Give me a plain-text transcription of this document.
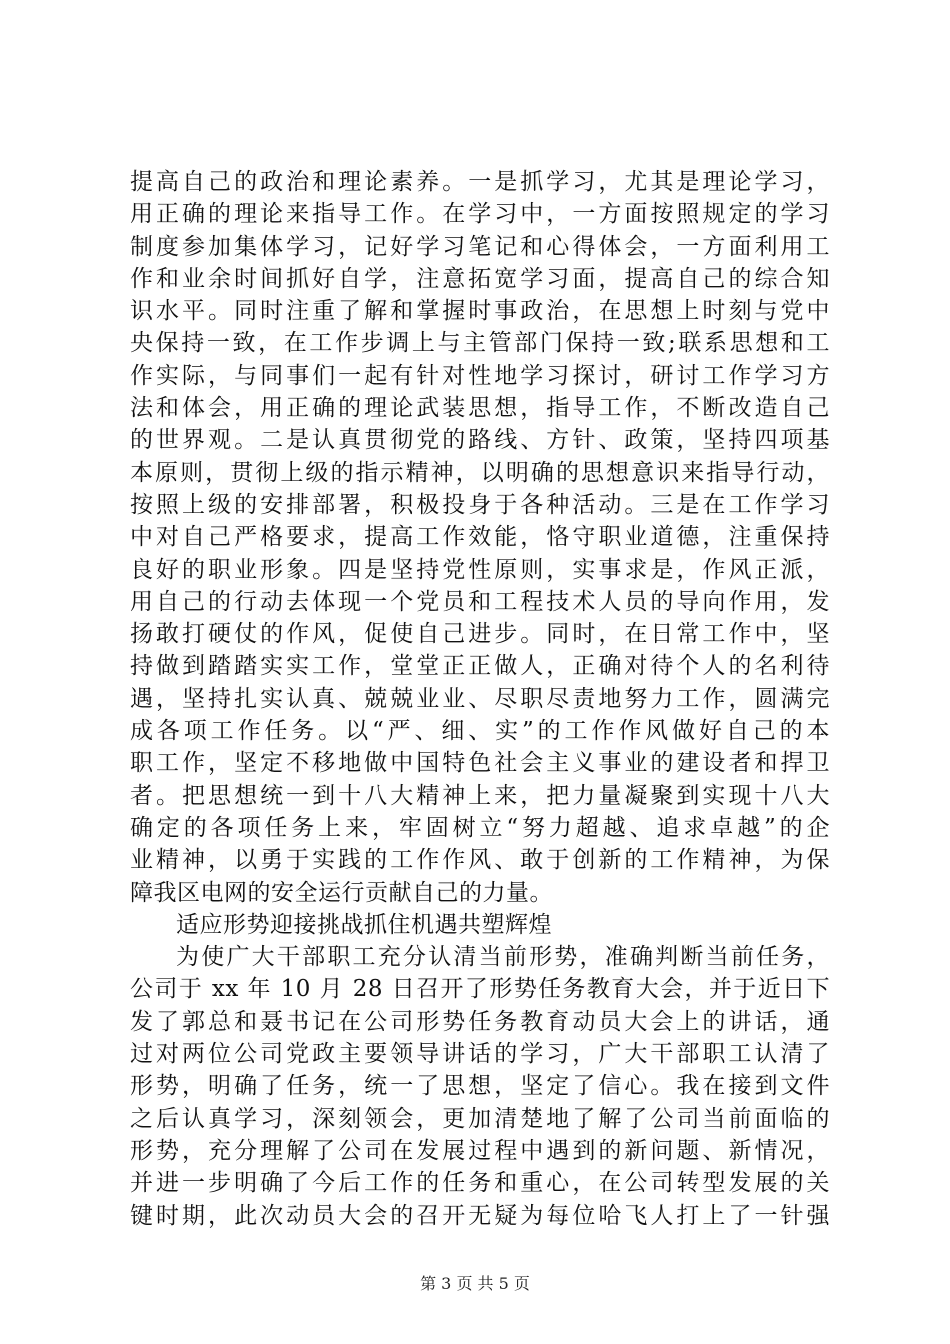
提高自己的政治和理论素养。一是抓学习，尤其是理论学习，
用正确的理论来指导工作。在学习中，一方面按照规定的学习
制度参加集体学习，记好学习笔记和心得体会，一方面利用工
作和业余时间抓好自学，注意拓宽学习面，提高自己的综合知
识水平。同时注重了解和掌握时事政治，在思想上时刻与党中
央保持一致，在工作步调上与主管部门保持一致;联系思想和工
作实际，与同事们一起有针对性地学习探讨，研讨工作学习方
法和体会，用正确的理论武装思想，指导工作，不断改造自己
的世界观。二是认真贯彻党的路线、方针、政策，坚持四项基
本原则，贯彻上级的指示精神，以明确的思想意识来指导行动，
按照上级的安排部署，积极投身于各种活动。三是在工作学习
中对自己严格要求，提高工作效能，恪守职业道德，注重保持
良好的职业形象。四是坚持党性原则，实事求是，作风正派，
用自己的行动去体现一个党员和工程技术人员的导向作用，发
扬敢打硬仗的作风，促使自己进步。同时，在日常工作中，坚
持做到踏踏实实工作，堂堂正正做人，正确对待个人的名利待
遇，坚持扎实认真、兢兢业业、尽职尽责地努力工作，圆满完
成各项工作任务。以“严、细、实”的工作作风做好自己的本
职工作，坚定不移地做中国特色社会主义事业的建设者和捍卫
者。把思想统一到十八大精神上来，把力量凝聚到实现十八大
确定的各项任务上来，牢固树立“努力超越、追求卓越”的企
业精神，以勇于实践的工作作风、敢于创新的工作精神，为保
障我区电网的安全运行贡献自己的力量。
适应形势迎接挑战抓住机遇共塑辉煌
为使广大干部职工充分认清当前形势，准确判断当前任务，
公司于 xx 年 10 月 28 日召开了形势任务教育大会，并于近日下
发了郭总和聂书记在公司形势任务教育动员大会上的讲话，通
过对两位公司党政主要领导讲话的学习，广大干部职工认清了
形势，明确了任务，统一了思想，坚定了信心。我在接到文件
之后认真学习，深刻领会，更加清楚地了解了公司当前面临的
形势，充分理解了公司在发展过程中遇到的新问题、新情况，
并进一步明确了今后工作的任务和重心，在公司转型发展的关
键时期，此次动员大会的召开无疑为每位哈飞人打上了一针强
第 3 页 共 5 页
